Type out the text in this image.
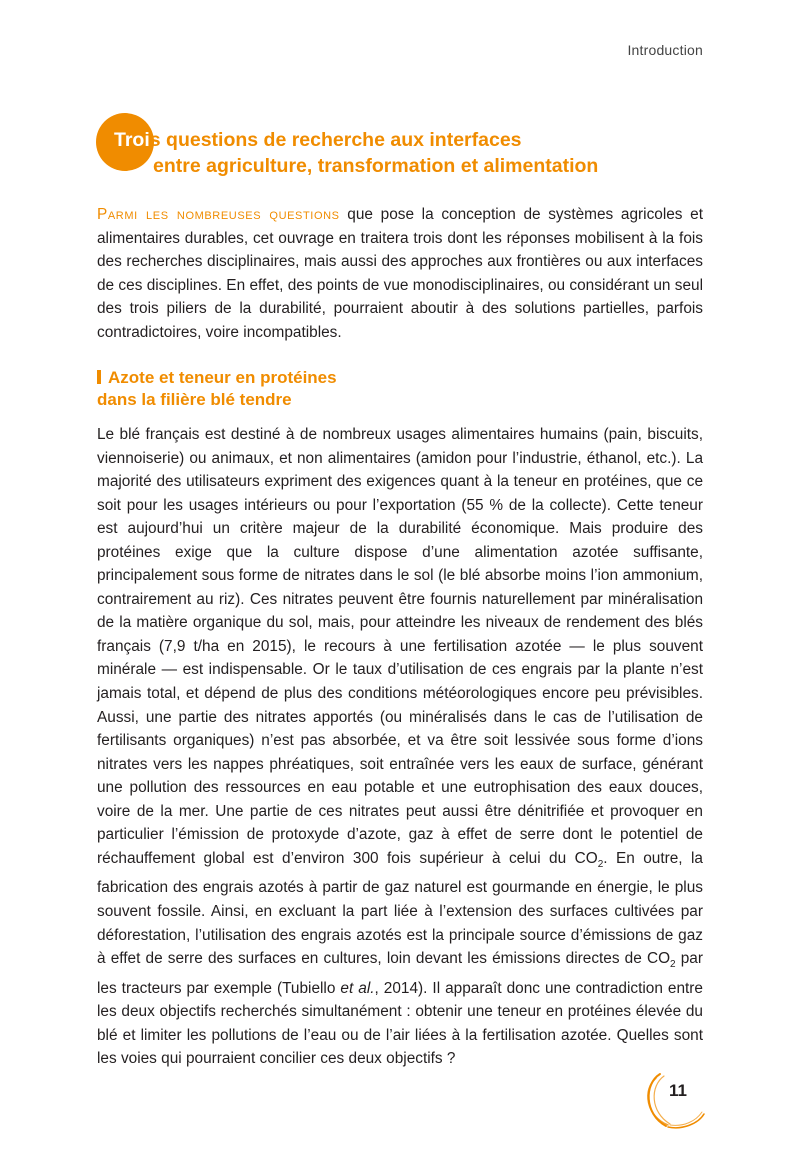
Introduction
Trois questions de recherche aux interfaces
entre agriculture, transformation et alimentation

Parmi les nombreuses questions que pose la conception de systèmes agricoles et alimentaires durables, cet ouvrage en traitera trois dont les réponses mobilisent à la fois des recherches disciplinaires, mais aussi des approches aux frontières ou aux interfaces de ces disciplines. En effet, des points de vue monodisciplinaires, ou considérant un seul des trois piliers de la durabilité, pourraient aboutir à des solutions partielles, parfois contradictoires, voire incompatibles.

Azote et teneur en protéines
dans la filière blé tendre

Le blé français est destiné à de nombreux usages alimentaires humains (pain, biscuits, viennoiserie) ou animaux, et non alimentaires (amidon pour l’industrie, éthanol, etc.). La majorité des utilisateurs expriment des exigences quant à la teneur en protéines, que ce soit pour les usages intérieurs ou pour l’exportation (55 % de la collecte). Cette teneur est aujourd’hui un critère majeur de la durabilité économique. Mais produire des protéines exige que la culture dispose d’une alimentation azotée suffisante, principalement sous forme de nitrates dans le sol (le blé absorbe moins l’ion ammonium, contrairement au riz). Ces nitrates peuvent être fournis naturellement par minéralisation de la matière organique du sol, mais, pour atteindre les niveaux de rendement des blés français (7,9 t/ha en 2015), le recours à une fertilisation azotée — le plus souvent minérale — est indispensable. Or le taux d’utilisation de ces engrais par la plante n’est jamais total, et dépend de plus des conditions météorologiques encore peu prévisibles. Aussi, une partie des nitrates apportés (ou minéralisés dans le cas de l’utilisation de fertilisants organiques) n’est pas absorbée, et va être soit lessivée sous forme d’ions nitrates vers les nappes phréatiques, soit entraînée vers les eaux de surface, générant une pollution des ressources en eau potable et une eutrophisation des eaux douces, voire de la mer. Une partie de ces nitrates peut aussi être dénitrifiée et provoquer en particulier l’émission de protoxyde d’azote, gaz à effet de serre dont le potentiel de réchauffement global est d’environ 300 fois supérieur à celui du $CO_2$. En outre, la fabrication des engrais azotés à partir de gaz naturel est gourmande en énergie, le plus souvent fossile. Ainsi, en excluant la part liée à l’extension des surfaces cultivées par déforestation, l’utilisation des engrais azotés est la principale source d’émissions de gaz à effet de serre des surfaces en cultures, loin devant les émissions directes de $CO_2$ par les tracteurs par exemple (Tubiello et al., 2014). Il apparaît donc une contradiction entre les deux objectifs recherchés simultanément : obtenir une teneur en protéines élevée du blé et limiter les pollutions de l’eau ou de l’air liées à la fertilisation azotée. Quelles sont les voies qui pourraient concilier ces deux objectifs ?

11
